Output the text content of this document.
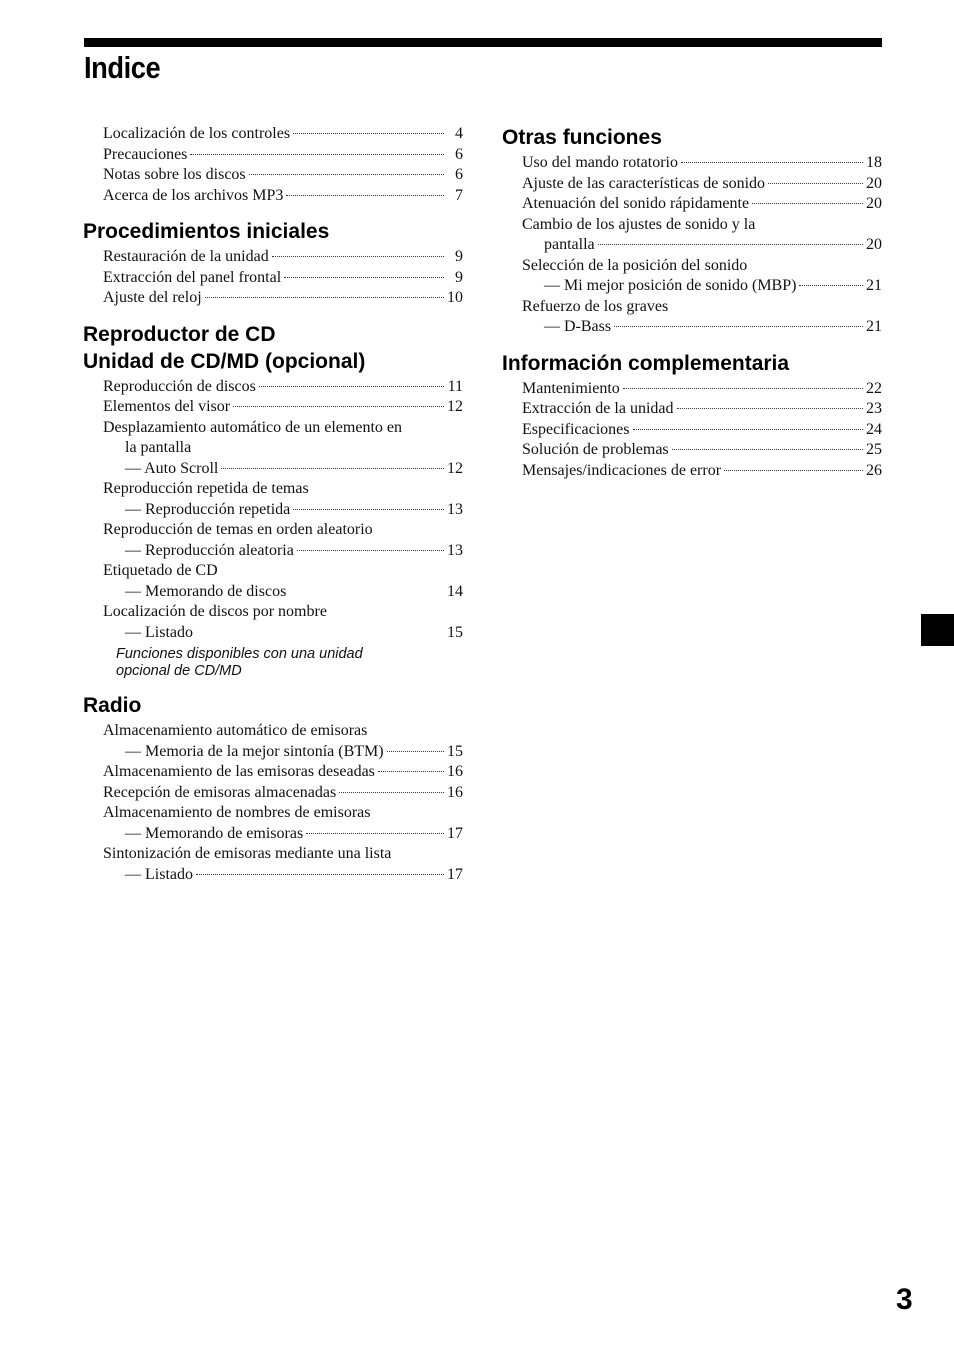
Indice
Localización de los controles	4
Precauciones	6
Notas sobre los discos	6
Acerca de los archivos MP3	7
Procedimientos iniciales
Restauración de la unidad	9
Extracción del panel frontal	9
Ajuste del reloj	10
Reproductor de CD
Unidad de CD/MD (opcional)
Reproducción de discos	11
Elementos del visor	12
Desplazamiento automático de un elemento en
la pantalla
— Auto Scroll	12
Reproducción repetida de temas
— Reproducción repetida	13
Reproducción de temas en orden aleatorio
— Reproducción aleatoria	13
Etiquetado de CD
— Memorando de discos	14
Localización de discos por nombre
— Listado	15
Funciones disponibles con una unidad opcional de CD/MD
Radio
Almacenamiento automático de emisoras
— Memoria de la mejor sintonía (BTM)	15
Almacenamiento de las emisoras deseadas	16
Recepción de emisoras almacenadas	16
Almacenamiento de nombres de emisoras
— Memorando de emisoras	17
Sintonización de emisoras mediante una lista
— Listado	17
Otras funciones
Uso del mando rotatorio	18
Ajuste de las características de sonido	20
Atenuación del sonido rápidamente	20
Cambio de los ajustes de sonido y la
pantalla	20
Selección de la posición del sonido
— Mi mejor posición de sonido (MBP)	21
Refuerzo de los graves
— D-Bass	21
Información complementaria
Mantenimiento	22
Extracción de la unidad	23
Especificaciones	24
Solución de problemas	25
Mensajes/indicaciones de error	26
3
